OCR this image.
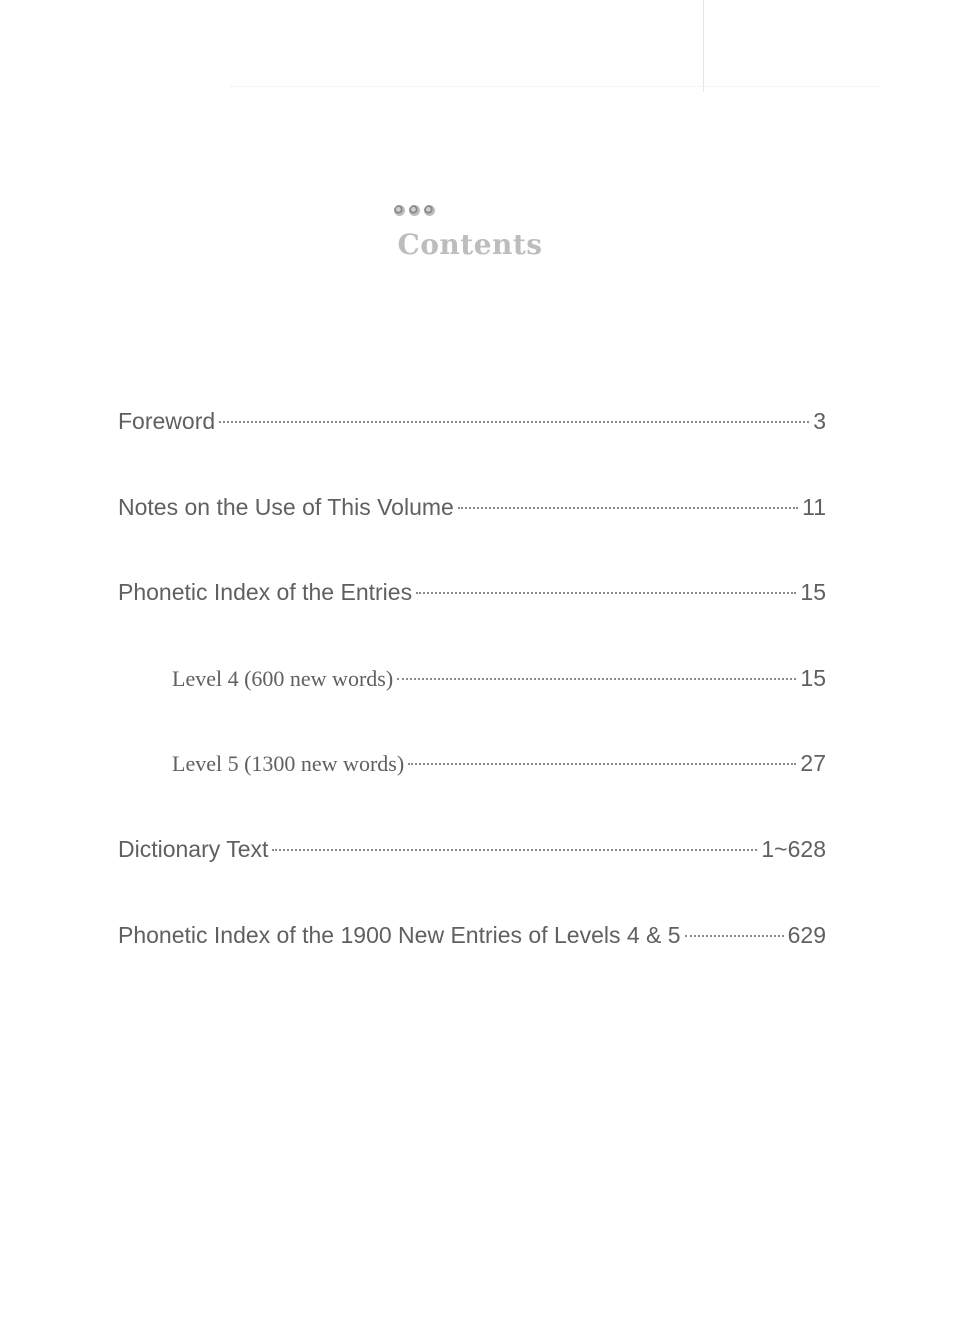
Contents
Foreword	3
Notes on the Use of This Volume	11
Phonetic Index of the Entries	15
Level 4 (600 new words)	15
Level 5 (1300 new words)	27
Dictionary Text	1~628
Phonetic Index of the 1900 New Entries of Levels 4 & 5	629
